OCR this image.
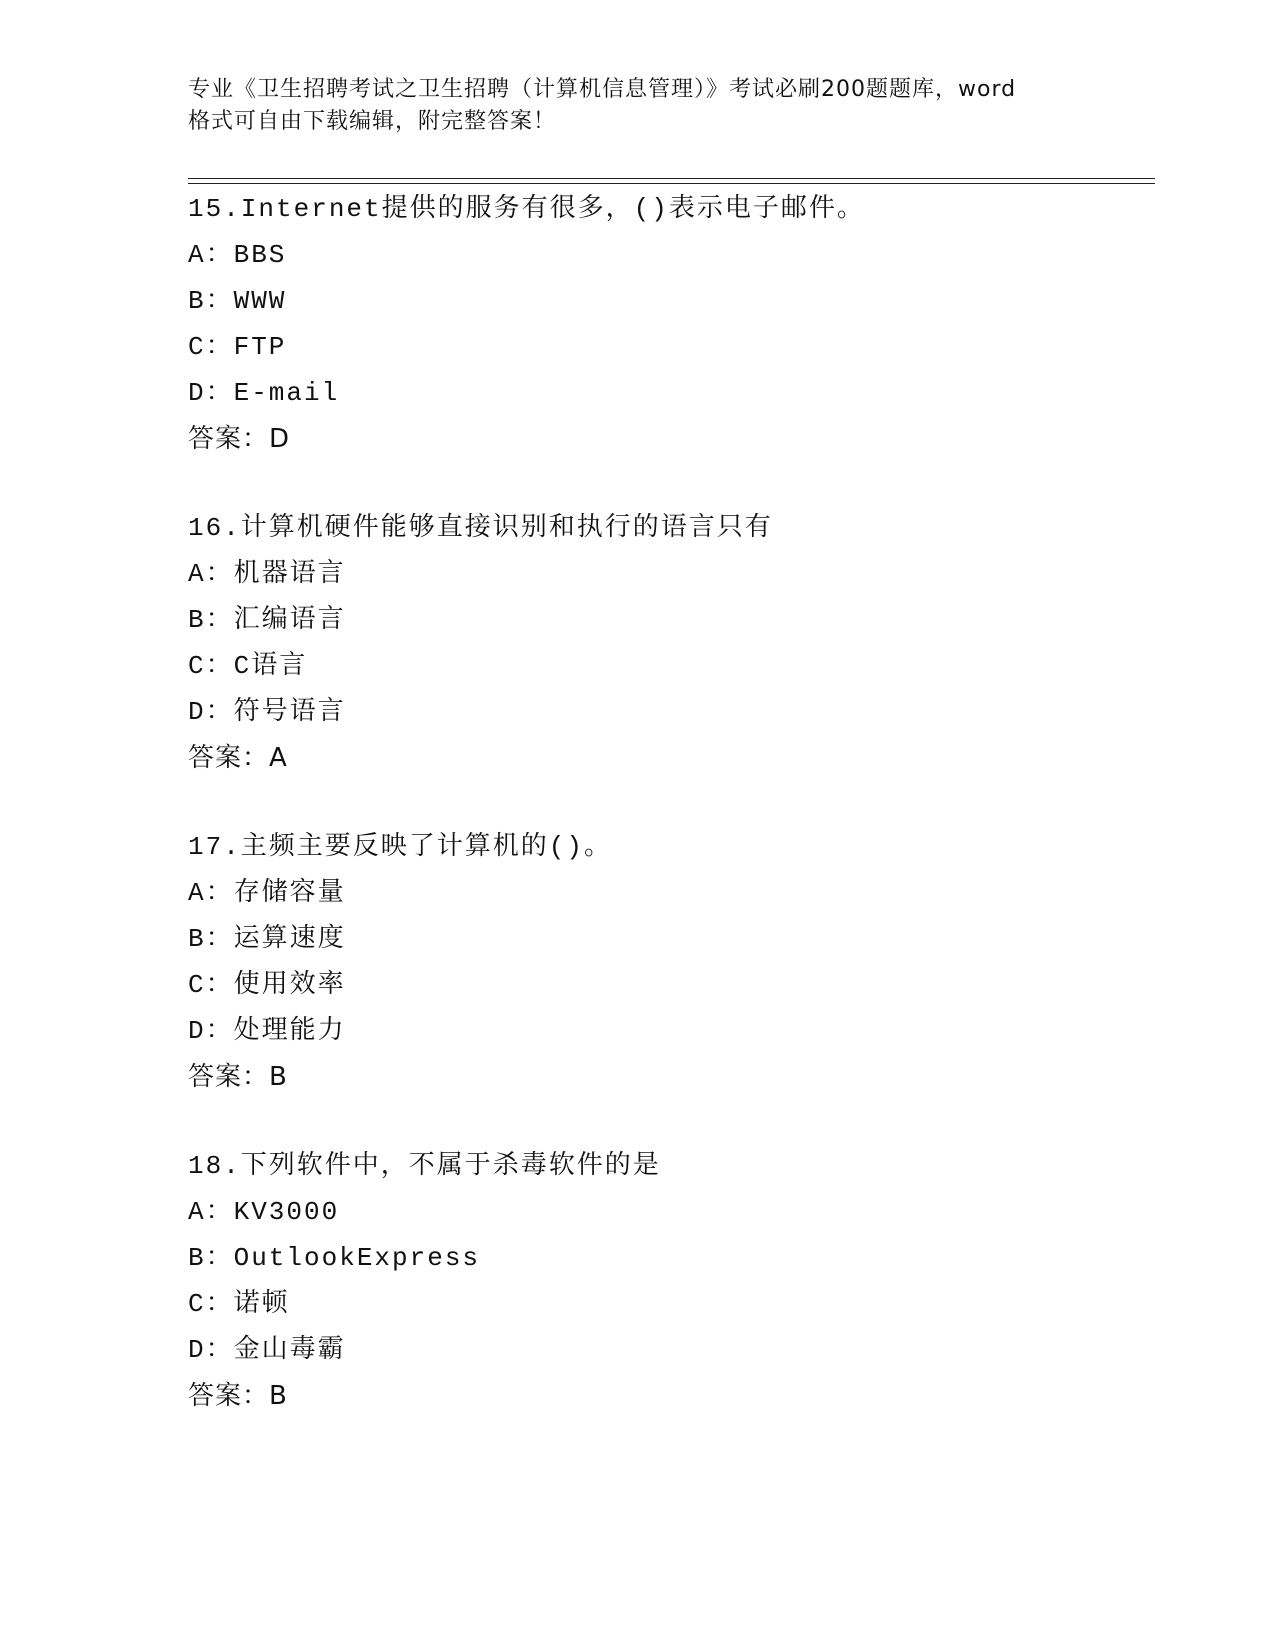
专业《卫生招聘考试之卫生招聘（计算机信息管理）》考试必刷200题题库，word
格式可自由下载编辑，附完整答案！
15.Internet提供的服务有很多，()表示电子邮件。
A：BBS
B：WWW
C：FTP
D：E-mail
答案：D
16.计算机硬件能够直接识别和执行的语言只有
A：机器语言
B：汇编语言
C：C语言
D：符号语言
答案：A
17.主频主要反映了计算机的()。
A：存储容量
B：运算速度
C：使用效率
D：处理能力
答案：B
18.下列软件中，不属于杀毒软件的是
A：KV3000
B：OutlookExpress
C：诺顿
D：金山毒霸
答案：B
